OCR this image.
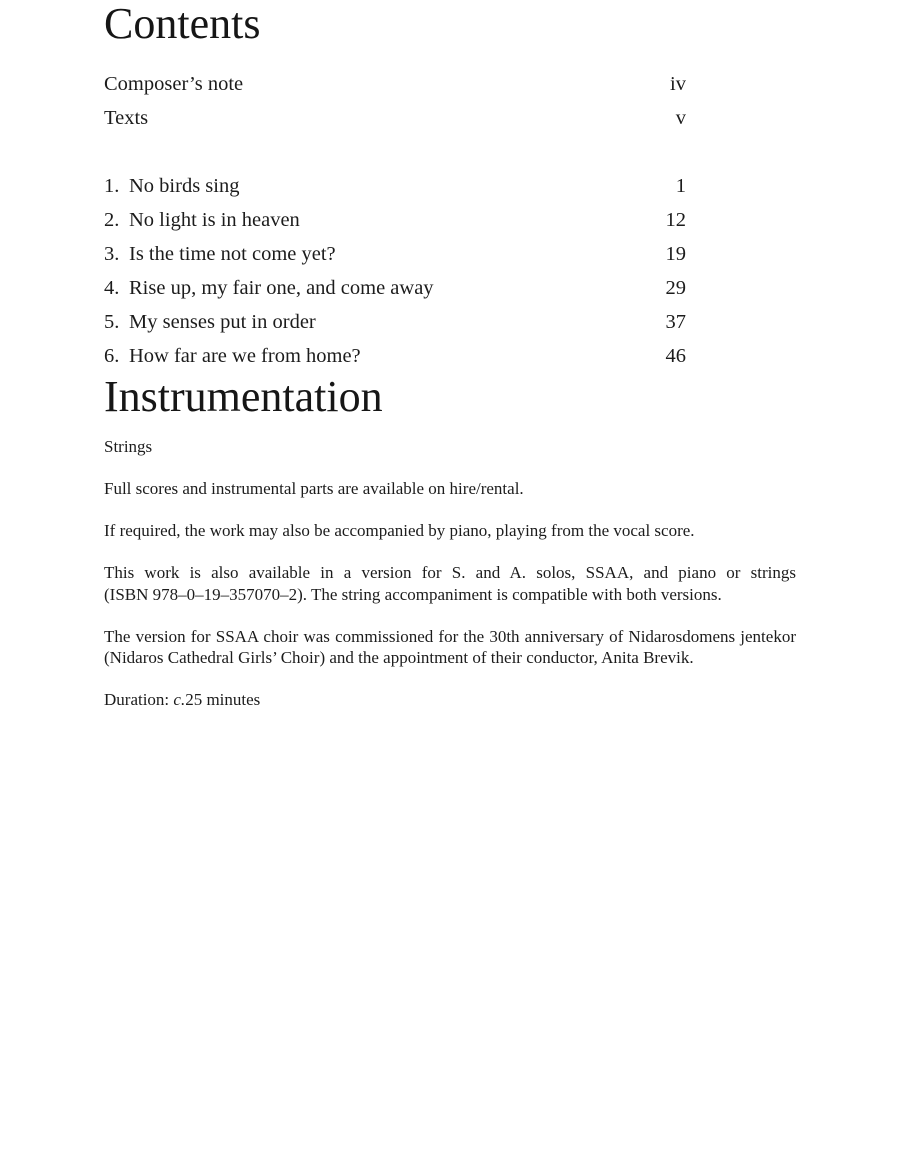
Contents
Composer’s note	iv
Texts	v
1. No birds sing	1
2. No light is in heaven	12
3. Is the time not come yet?	19
4. Rise up, my fair one, and come away	29
5. My senses put in order	37
6. How far are we from home?	46
Instrumentation

Strings

Full scores and instrumental parts are available on hire/rental.

If required, the work may also be accompanied by piano, playing from the vocal score.

This work is also available in a version for S. and A. solos, SSAA, and piano or strings
(ISBN 978–0–19–357070–2). The string accompaniment is compatible with both versions.

The version for SSAA choir was commissioned for the 30th anniversary of Nidarosdomens jentekor
(Nidaros Cathedral Girls’ Choir) and the appointment of their conductor, Anita Brevik.

Duration: c.25 minutes
